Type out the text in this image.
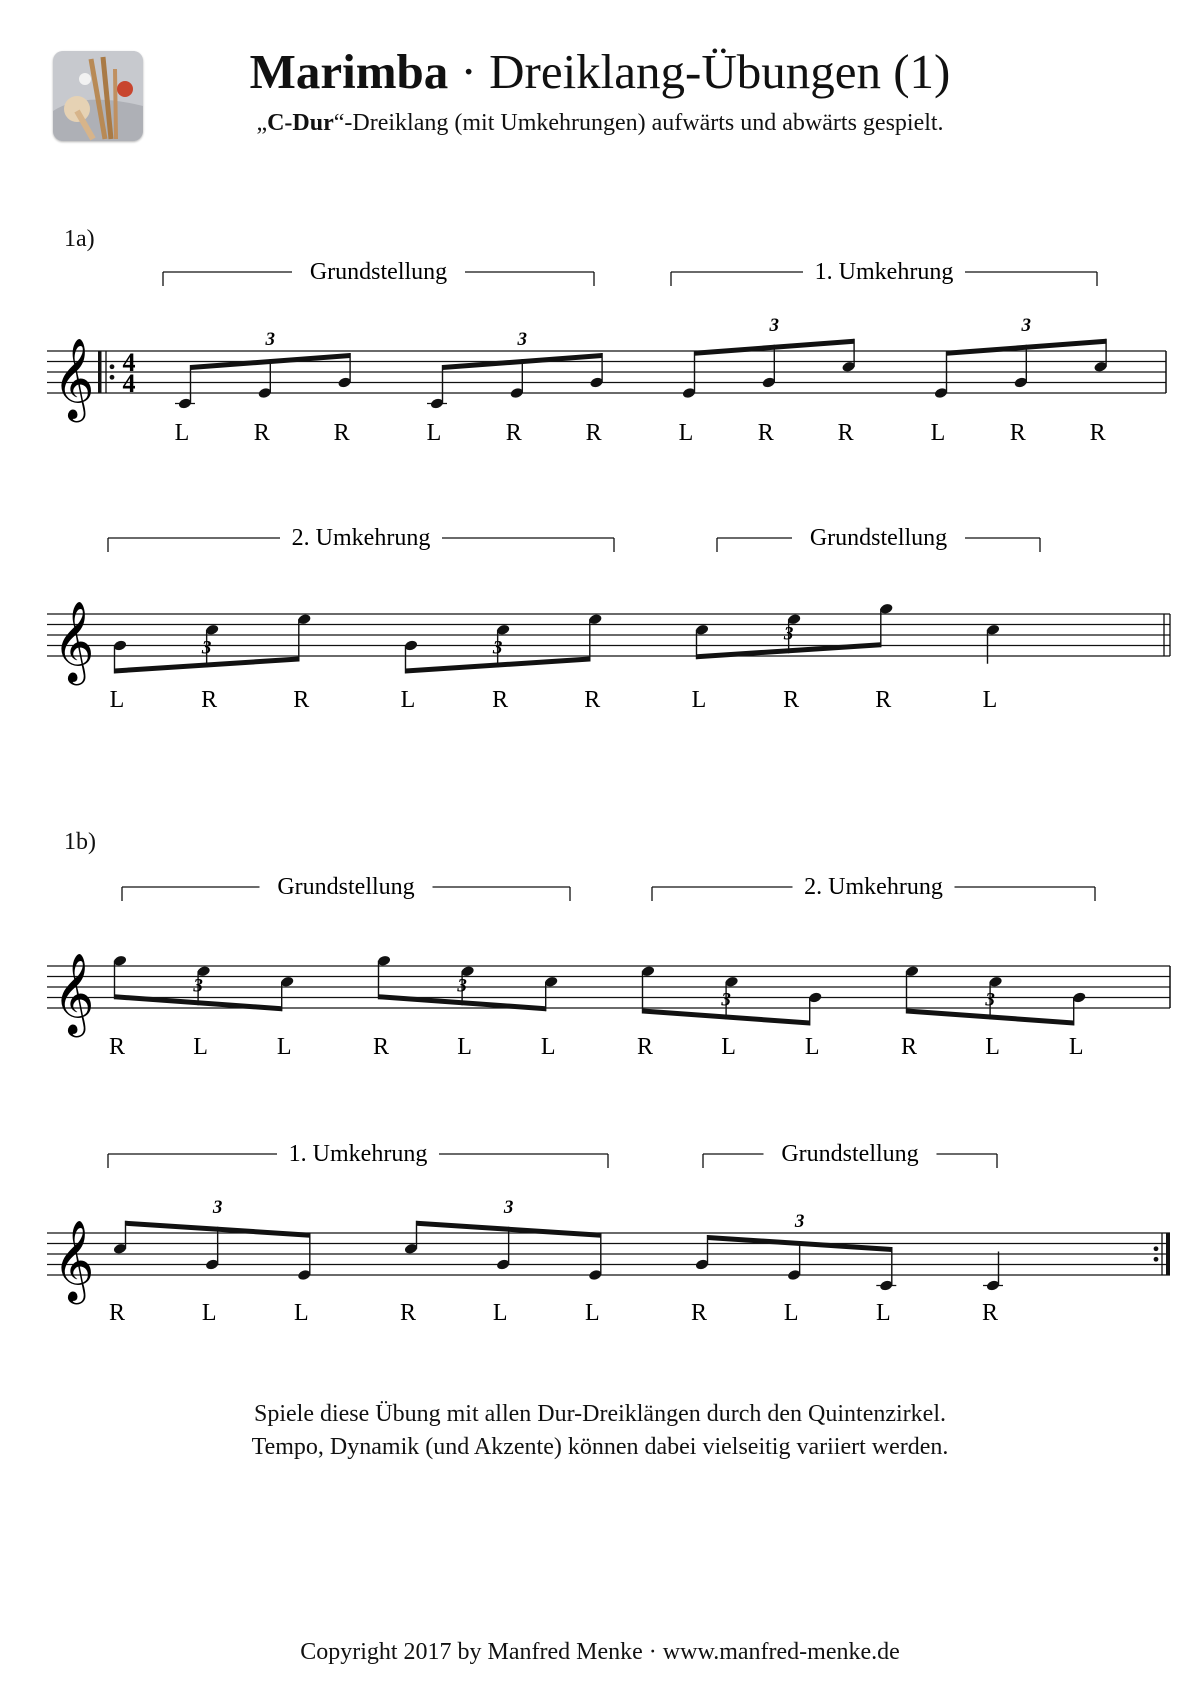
Marimba · Dreiklang-Übungen (1)
„C-Dur“-Dreiklang (mit Umkehrungen) aufwärts und abwärts gespielt.
1a)
1b)
𝄞 4
4
3	3
3	3
L	R	R	L	R	R	L	R	R	L	R	R
Grundstellung	1. Umkehrung
𝄞	3	3
3
L	R	R	L	R	R	L	R	R	L
2. Umkehrung	Grundstellung
𝄞	3	3
3	3
R	L	L	R	L	L	R	L	L	R	L	L
Grundstellung	2. Umkehrung
𝄞
3	3
3
R	L	L	R	L	L	R	L	L	R
1. Umkehrung	Grundstellung
Spiele diese Übung mit allen Dur-Dreiklängen durch den Quintenzirkel.
Tempo, Dynamik (und Akzente) können dabei vielseitig variiert werden.
Copyright 2017 by Manfred Menke · www.manfred-menke.de
